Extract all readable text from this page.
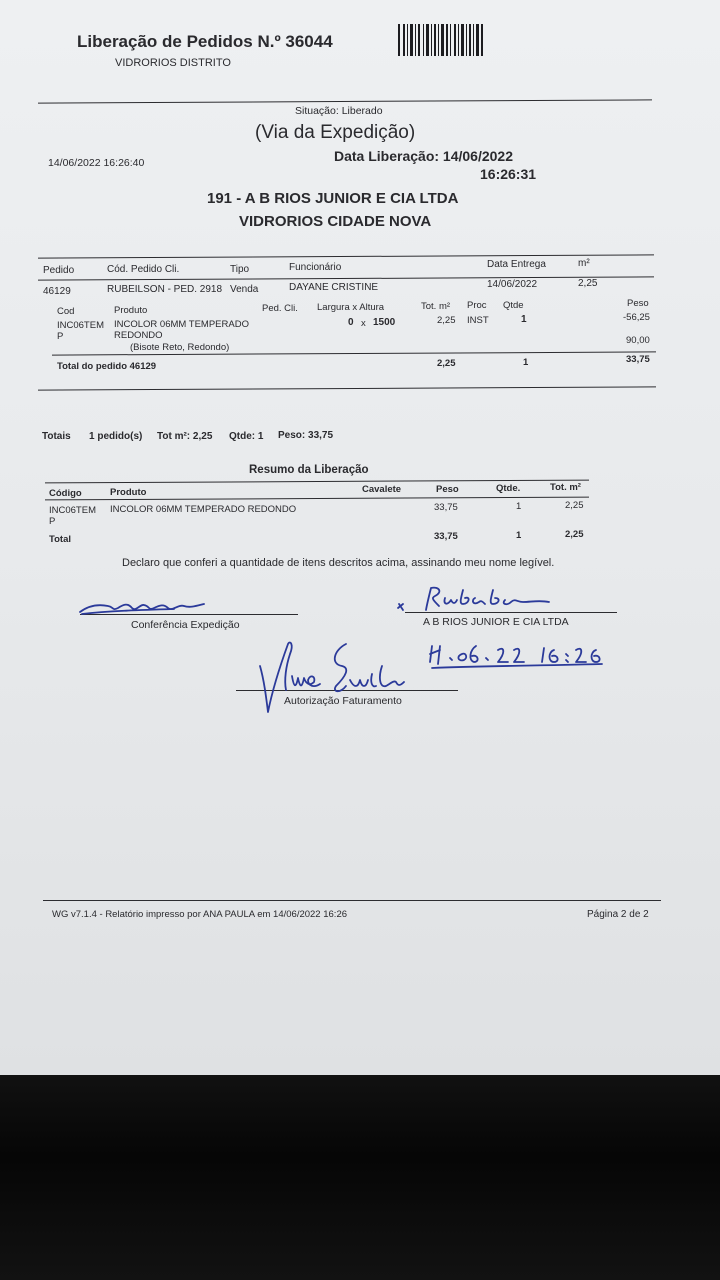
Liberação de Pedidos N.º 36044
VIDRORIOS DISTRITO
Situação: Liberado
(Via da Expedição)
14/06/2022 16:26:40	Data Liberação: 14/06/2022
16:26:31
191 - A B RIOS JUNIOR E CIA LTDA
VIDRORIOS CIDADE NOVA
Pedido	Cód. Pedido Cli.	Tipo	Funcionário	Data Entrega	m²
46129	RUBEILSON - PED. 2918 Venda	DAYANE CRISTINE	14/06/2022	2,25
Cod	Produto	Ped. Cli. Largura x Altura	Tot. m² Proc Qtde	Peso
INC06TEM
P
INCOLOR 06MM TEMPERADO
REDONDO
(Bisote Reto, Redondo)
0 x 1500	2,25 INST	1	-56,25
90,00
Total do pedido 46129	2,25	1	33,75
Totais 1 pedido(s) Tot m²: 2,25 Qtde: 1 Peso: 33,75
Resumo da Liberação
Código	Produto	Cavalete	Peso	Qtde.	Tot. m²
INC06TEM
P
INCOLOR 06MM TEMPERADO REDONDO	33,75	1	2,25
Total	33,75	1	2,25
Declaro que conferi a quantidade de itens descritos acima, assinando meu nome legível.
Conferência Expedição	A B RIOS JUNIOR E CIA LTDA
Autorização Faturamento
WG v7.1.4 - Relatório impresso por ANA PAULA em 14/06/2022 16:26	Página 2 de 2
